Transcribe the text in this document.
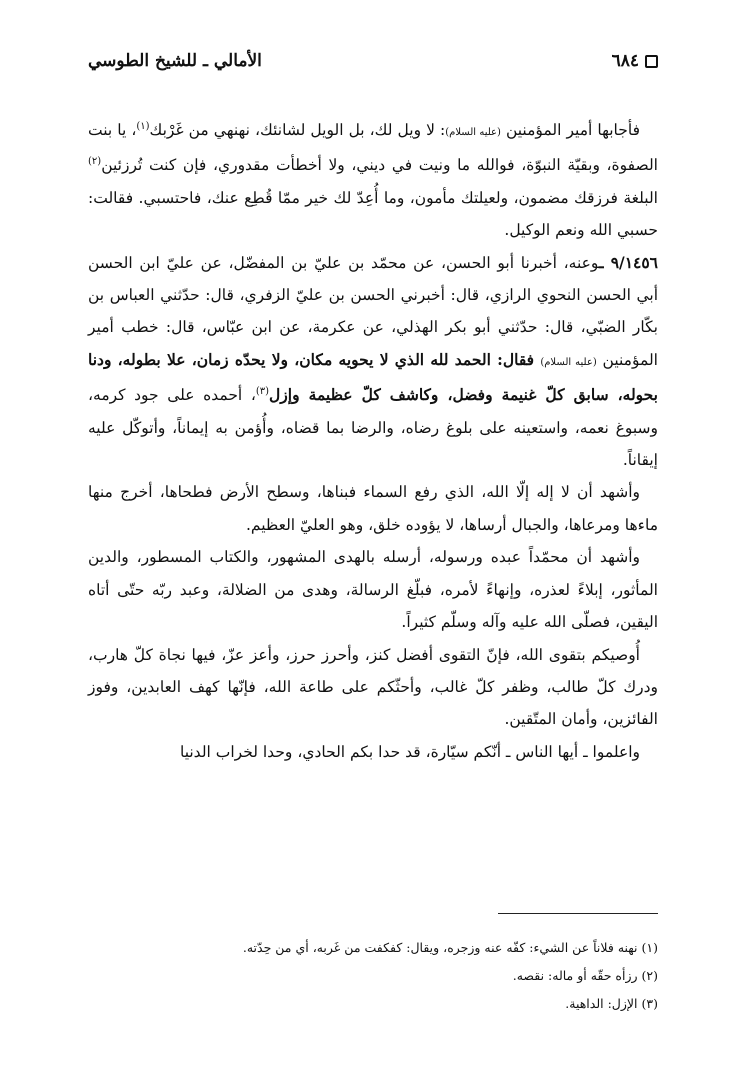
٦٨٤
الأمالي ـ للشيخ الطوسي

فأجابها أمير المؤمنين (عليه السلام): لا ويل لك، بل الويل لشانئك، نهنهي من غَرْبك$^{(١)}$، يا بنت الصفوة، وبقيّة النبوّة، فوالله ما ونيت في ديني، ولا أخطأت مقدوري، فإن كنت تُرزئين$^{(٢)}$ البلغة فرزقك مضمون، ولعيلتك مأمون، وما أُعِدّ لك خير ممّا قُطِع عنك، فاحتسبي. فقالت: حسبي الله ونعم الوكيل.

٩/١٤٥٦ ـوعنه، أخبرنا أبو الحسن، عن محمّد بن عليّ بن المفضّل، عن عليّ ابن الحسن أبي الحسن النحوي الرازي، قال: أخبرني الحسن بن عليّ الزفري، قال: حدّثني العباس بن بكّار الضبّي، قال: حدّثني أبو بكر الهذلي، عن عكرمة، عن ابن عبّاس، قال: خطب أمير المؤمنين (عليه السلام) فقال: الحمد لله الذي لا يحويه مكان، ولا يحدّه زمان، علا بطوله، ودنا بحوله، سابق كلّ غنيمة وفضل، وكاشف كلّ عظيمة وإزل$^{(٣)}$، أحمده على جود كرمه، وسبوغ نعمه، واستعينه على بلوغ رضاه، والرضا بما قضاه، وأُؤمن به إيماناً، وأتوكّل عليه إيقاناً.

وأشهد أن لا إله إلّا الله، الذي رفع السماء فبناها، وسطح الأرض فطحاها، أخرج منها ماءها ومرعاها، والجبال أرساها، لا يؤوده خلق، وهو العليّ العظيم.

وأشهد أن محمّداً عبده ورسوله، أرسله بالهدى المشهور، والكتاب المسطور، والدين المأثور، إبلاءً لعذره، وإنهاءً لأمره، فبلّغ الرسالة، وهدى من الضلالة، وعبد ربّه حتّى أتاه اليقين، فصلّى الله عليه وآله وسلّم كثيراً.

أُوصيكم بتقوى الله، فإنّ التقوى أفضل كنز، وأحرز حرز، وأعز عزّ، فيها نجاة كلّ هارب، ودرك كلّ طالب، وظفر كلّ غالب، وأحثّكم على طاعة الله، فإنّها كهف العابدين، وفوز الفائزين، وأمان المتّقين.

واعلموا ـ أيها الناس ـ أنّكم سيّارة، قد حدا بكم الحادي، وحدا لخراب الدنيا

(١) نهنه فلاناً عن الشيء: كفّه عنه وزجره، ويقال: كفكفت من غَربه، أي من حِدّته.

(٢) رزأه حقّه أو ماله: نقصه.

(٣) الإزل: الداهية.
